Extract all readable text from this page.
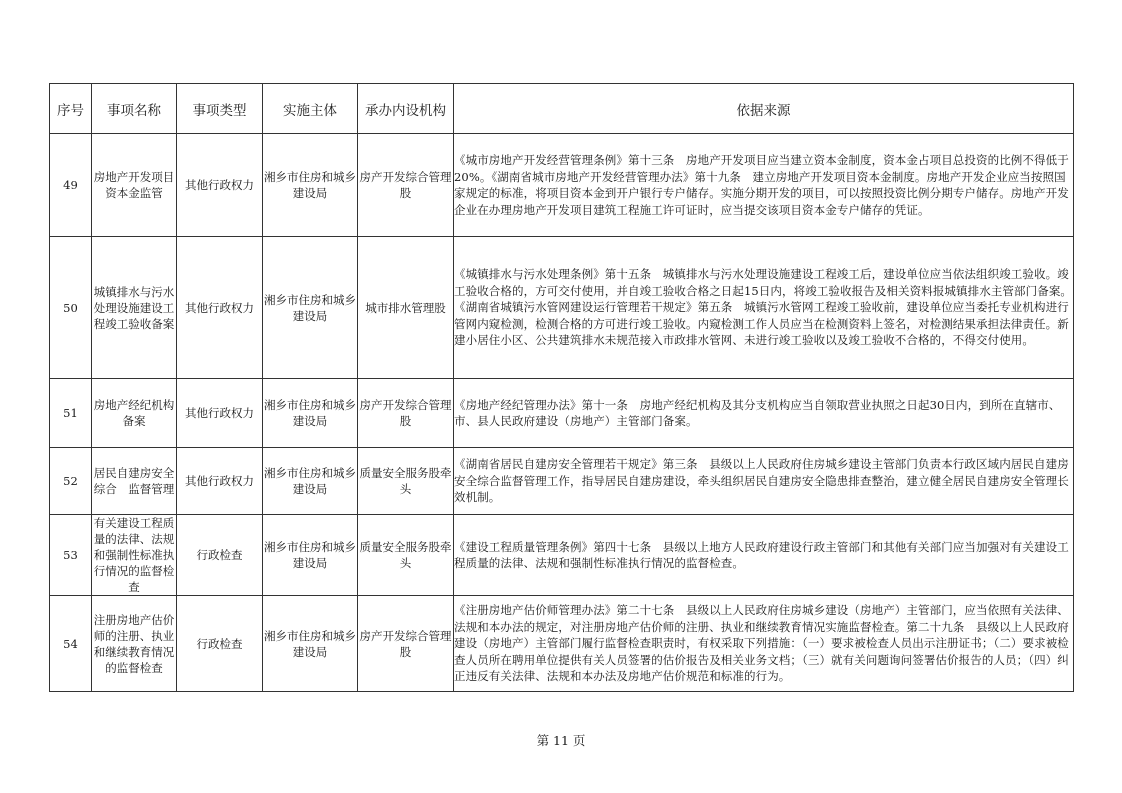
序号	事项名称	事项类型	实施主体	承办内设机构	依据来源
49	房地产开发项目资本金监管	其他行政权力	湘乡市住房和城乡建设局	房产开发综合管理股	《城市房地产开发经营管理条例》第十三条　房地产开发项目应当建立资本金制度，资本金占项目总投资的比例不得低于20%。《湖南省城市房地产开发经营管理办法》第十九条　建立房地产开发项目资本金制度。房地产开发企业应当按照国家规定的标准，将项目资本金到开户银行专户储存。实施分期开发的项目，可以按照投资比例分期专户储存。房地产开发企业在办理房地产开发项目建筑工程施工许可证时，应当提交该项目资本金专户储存的凭证。
50	城镇排水与污水处理设施建设工程竣工验收备案	其他行政权力	湘乡市住房和城乡建设局	城市排水管理股	《城镇排水与污水处理条例》第十五条　城镇排水与污水处理设施建设工程竣工后，建设单位应当依法组织竣工验收。竣工验收合格的，方可交付使用，并自竣工验收合格之日起15日内，将竣工验收报告及相关资料报城镇排水主管部门备案。《湖南省城镇污水管网建设运行管理若干规定》第五条　城镇污水管网工程竣工验收前，建设单位应当委托专业机构进行管网内窥检测，检测合格的方可进行竣工验收。内窥检测工作人员应当在检测资料上签名，对检测结果承担法律责任。新建小居住小区、公共建筑排水未规范接入市政排水管网、未进行竣工验收以及竣工验收不合格的，不得交付使用。
51	房地产经纪机构备案	其他行政权力	湘乡市住房和城乡建设局	房产开发综合管理股	《房地产经纪管理办法》第十一条　房地产经纪机构及其分支机构应当自领取营业执照之日起30日内，到所在直辖市、市、县人民政府建设（房地产）主管部门备案。
52	居民自建房安全综合　监督管理	其他行政权力	湘乡市住房和城乡建设局	质量安全服务股牵头	《湖南省居民自建房安全管理若干规定》第三条　县级以上人民政府住房城乡建设主管部门负责本行政区域内居民自建房安全综合监督管理工作，指导居民自建房建设，牵头组织居民自建房安全隐患排查整治，建立健全居民自建房安全管理长效机制。
53	有关建设工程质量的法律、法规和强制性标准执行情况的监督检查	行政检查	湘乡市住房和城乡建设局	质量安全服务股牵头	《建设工程质量管理条例》第四十七条　县级以上地方人民政府建设行政主管部门和其他有关部门应当加强对有关建设工程质量的法律、法规和强制性标准执行情况的监督检查。
54	注册房地产估价师的注册、执业和继续教育情况的监督检查	行政检查	湘乡市住房和城乡建设局	房产开发综合管理股	《注册房地产估价师管理办法》第二十七条　县级以上人民政府住房城乡建设（房地产）主管部门，应当依照有关法律、法规和本办法的规定，对注册房地产估价师的注册、执业和继续教育情况实施监督检查。第二十九条　县级以上人民政府建设（房地产）主管部门履行监督检查职责时，有权采取下列措施：（一）要求被检查人员出示注册证书；（二）要求被检查人员所在聘用单位提供有关人员签署的估价报告及相关业务文档；（三）就有关问题询问签署估价报告的人员；（四）纠正违反有关法律、法规和本办法及房地产估价规范和标准的行为。
第 11 页
